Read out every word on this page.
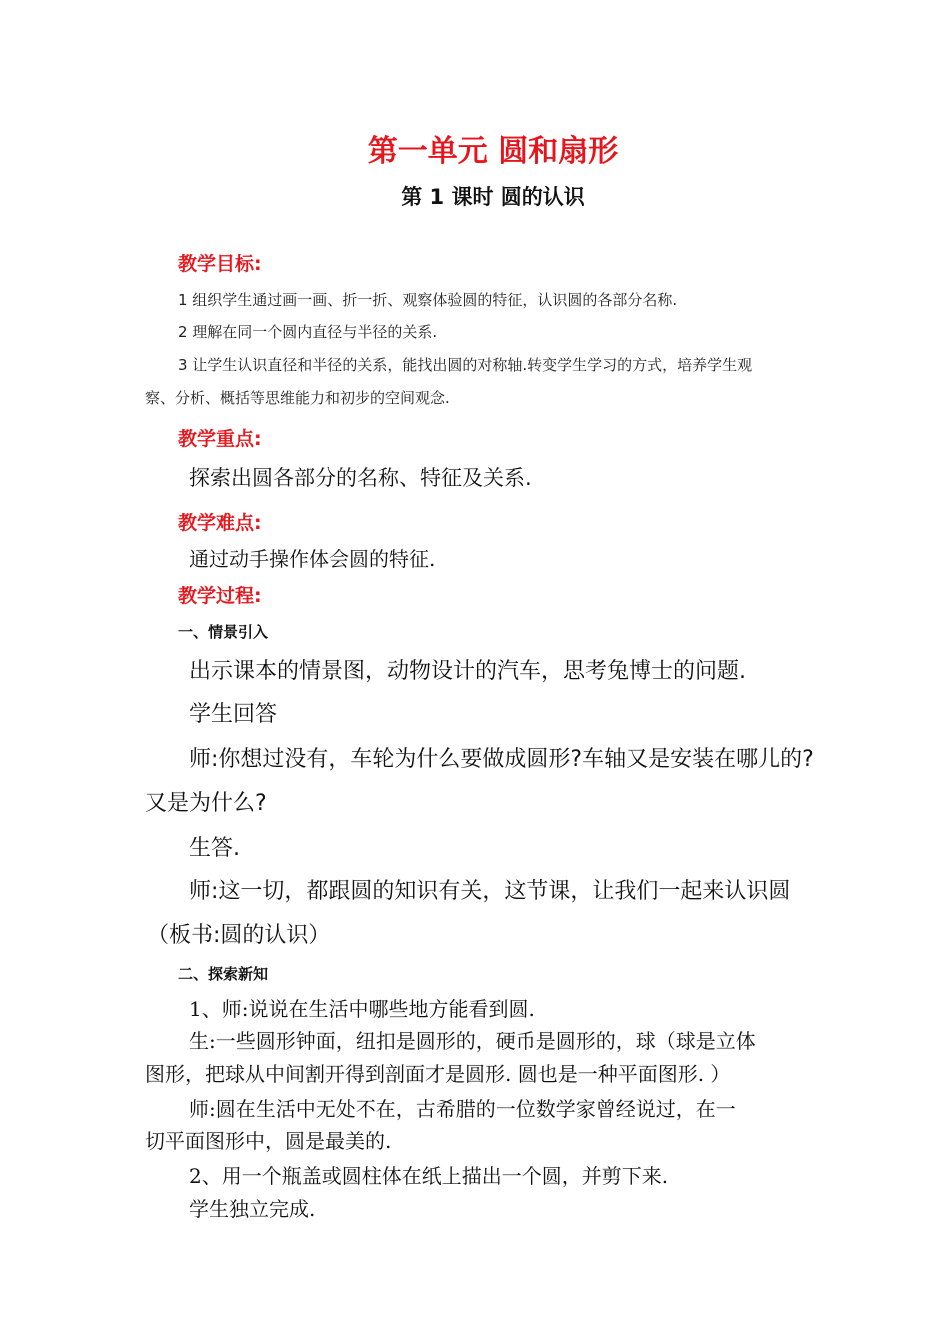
第一单元 圆和扇形
第 1 课时 圆的认识
教学目标:
1 组织学生通过画一画、折一折、观察体验圆的特征，认识圆的各部分名称.
2 理解在同一个圆内直径与半径的关系.
3 让学生认识直径和半径的关系，能找出圆的对称轴.转变学生学习的方式，培养学生观
察、分析、概括等思维能力和初步的空间观念.
教学重点:
探索出圆各部分的名称、特征及关系.
教学难点:
通过动手操作体会圆的特征.
教学过程:
一、情景引入
出示课本的情景图，动物设计的汽车，思考兔博士的问题.
学生回答
师:你想过没有，车轮为什么要做成圆形?车轴又是安装在哪儿的?
又是为什么?
生答.
师:这一切，都跟圆的知识有关，这节课，让我们一起来认识圆
（板书:圆的认识）
二、探索新知
1、师:说说在生活中哪些地方能看到圆.
生:一些圆形钟面，纽扣是圆形的，硬币是圆形的，球（球是立体
图形，把球从中间割开得到剖面才是圆形. 圆也是一种平面图形. ）
师:圆在生活中无处不在，古希腊的一位数学家曾经说过，在一
切平面图形中，圆是最美的.
2、用一个瓶盖或圆柱体在纸上描出一个圆，并剪下来.
学生独立完成.
